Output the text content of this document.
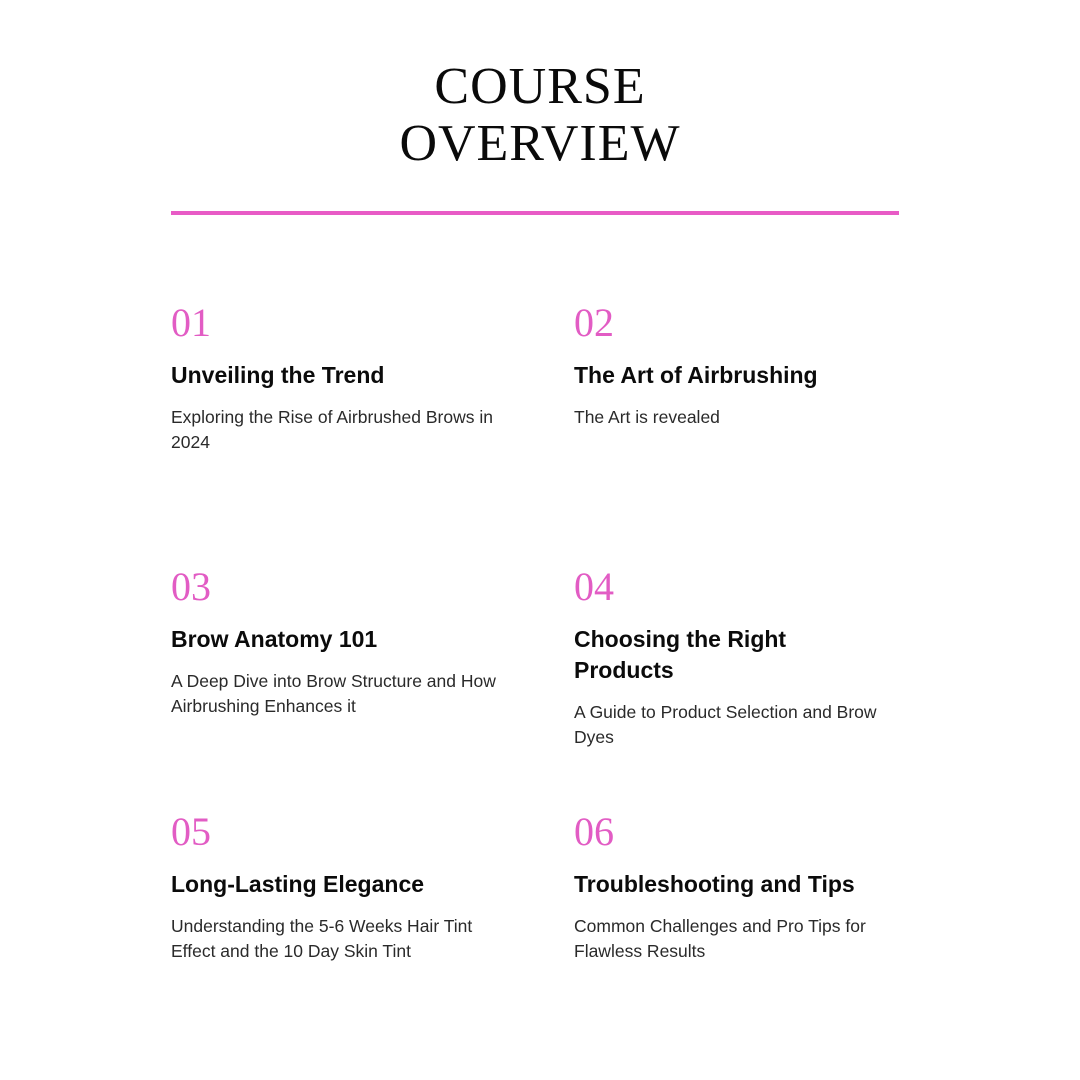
COURSE
OVERVIEW
01
Unveiling the Trend
Exploring the Rise of Airbrushed Brows in 2024
02
The Art of Airbrushing
The Art is revealed
03
Brow Anatomy 101
A Deep Dive into Brow Structure and How Airbrushing Enhances it
04
Choosing the Right Products
A Guide to Product Selection and Brow Dyes
05
Long-Lasting Elegance
Understanding the 5-6 Weeks Hair Tint Effect and the 10 Day Skin Tint
06
Troubleshooting and Tips
Common Challenges and Pro Tips for Flawless Results
